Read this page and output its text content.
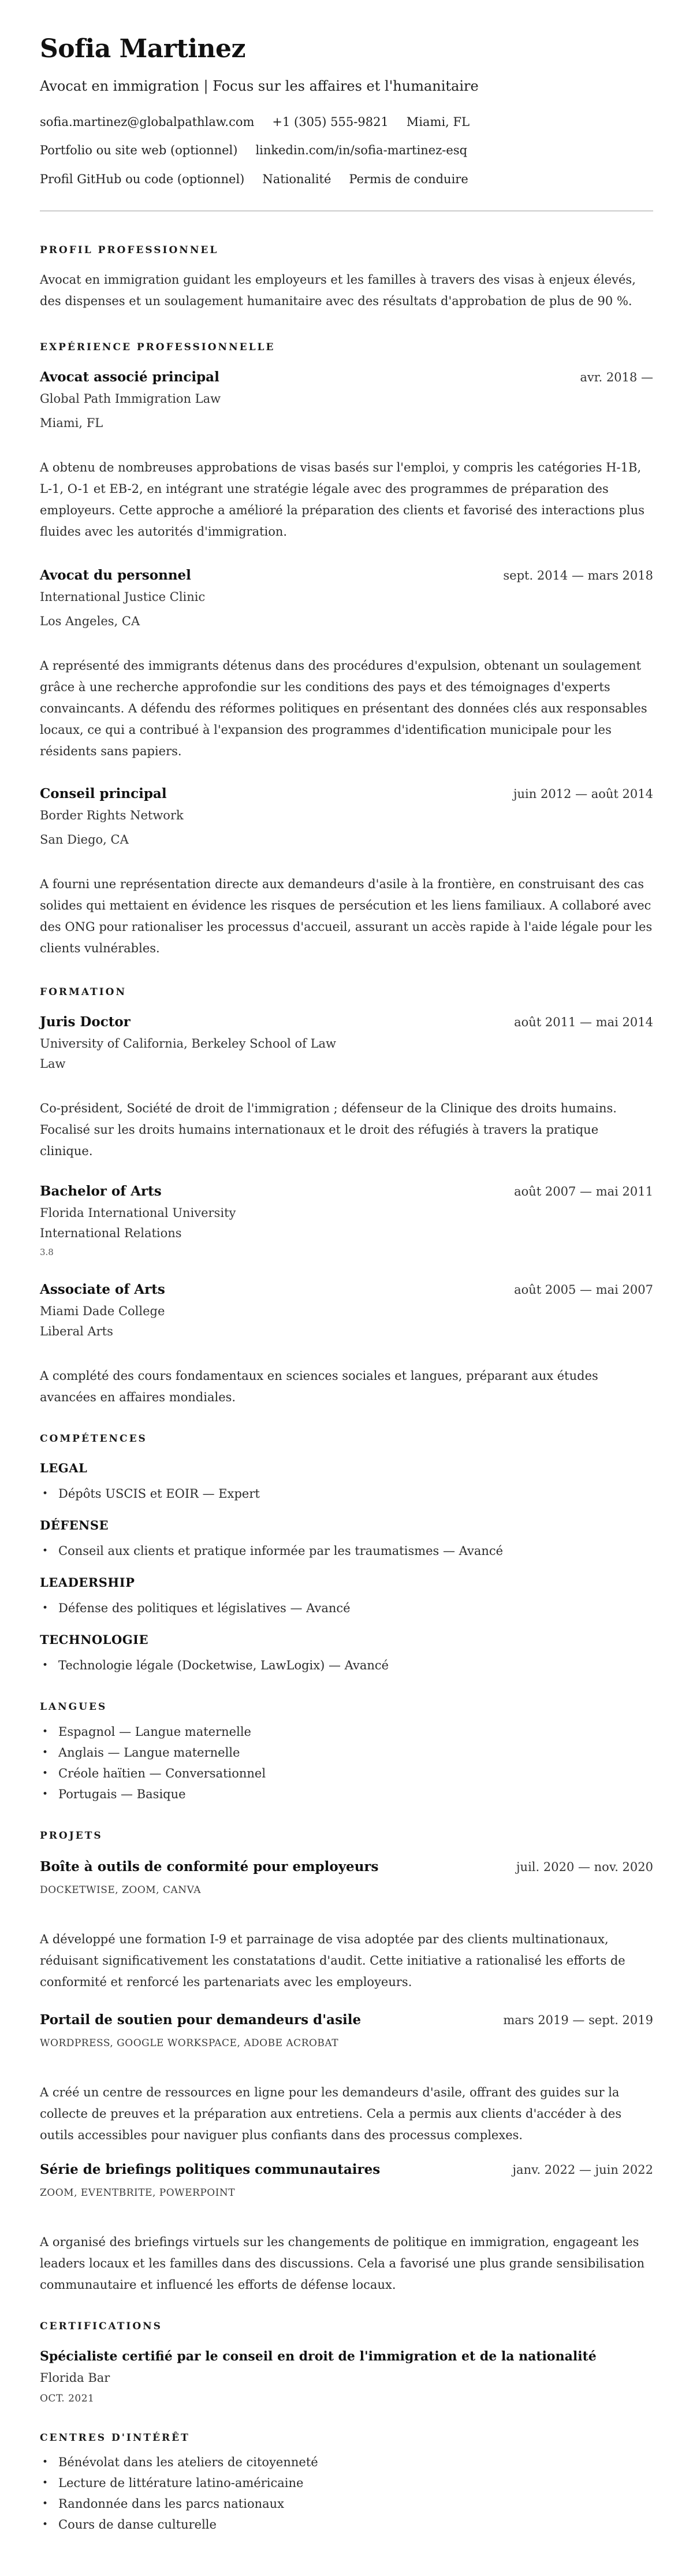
Sofia Martinez
Avocat en immigration | Focus sur les affaires et l'humanitaire
sofia.martinez@globalpathlaw.com +1 (305) 555-9821 Miami, FL
Portfolio ou site web (optionnel) linkedin.com/in/sofia-martinez-esq
Profil GitHub ou code (optionnel) Nationalité Permis de conduire
PROFIL PROFESSIONNEL

Avocat en immigration guidant les employeurs et les familles à travers des visas à enjeux élevés, des dispenses et un soulagement humanitaire avec des résultats d'approbation de plus de 90 %.

EXPÉRIENCE PROFESSIONNELLE
Avocat associé principal	avr. 2018 —
Global Path Immigration Law
Miami, FL

A obtenu de nombreuses approbations de visas basés sur l'emploi, y compris les catégories H-1B, L-1, O-1 et EB-2, en intégrant une stratégie légale avec des programmes de préparation des employeurs. Cette approche a amélioré la préparation des clients et favorisé des interactions plus fluides avec les autorités d'immigration.

Avocat du personnel	sept. 2014 — mars 2018
International Justice Clinic
Los Angeles, CA

A représenté des immigrants détenus dans des procédures d'expulsion, obtenant un soulagement grâce à une recherche approfondie sur les conditions des pays et des témoignages d'experts convaincants. A défendu des réformes politiques en présentant des données clés aux responsables locaux, ce qui a contribué à l'expansion des programmes d'identification municipale pour les résidents sans papiers.

Conseil principal	juin 2012 — août 2014
Border Rights Network
San Diego, CA

A fourni une représentation directe aux demandeurs d'asile à la frontière, en construisant des cas solides qui mettaient en évidence les risques de persécution et les liens familiaux. A collaboré avec des ONG pour rationaliser les processus d'accueil, assurant un accès rapide à l'aide légale pour les clients vulnérables.

FORMATION
Juris Doctor	août 2011 — mai 2014
University of California, Berkeley School of Law
Law

Co-président, Société de droit de l'immigration ; défenseur de la Clinique des droits humains. Focalisé sur les droits humains internationaux et le droit des réfugiés à travers la pratique clinique.

Bachelor of Arts	août 2007 — mai 2011
Florida International University
International Relations
3.8
Associate of Arts	août 2005 — mai 2007
Miami Dade College
Liberal Arts

A complété des cours fondamentaux en sciences sociales et langues, préparant aux études avancées en affaires mondiales.

COMPÉTENCES
LEGAL
• Dépôts USCIS et EOIR — Expert
DÉFENSE
• Conseil aux clients et pratique informée par les traumatismes — Avancé
LEADERSHIP
• Défense des politiques et législatives — Avancé
TECHNOLOGIE
• Technologie légale (Docketwise, LawLogix) — Avancé
LANGUES
• Espagnol — Langue maternelle
• Anglais — Langue maternelle
• Créole haïtien — Conversationnel
• Portugais — Basique
PROJETS
Boîte à outils de conformité pour employeurs	juil. 2020 — nov. 2020
DOCKETWISE, ZOOM, CANVA

A développé une formation I-9 et parrainage de visa adoptée par des clients multinationaux, réduisant significativement les constatations d'audit. Cette initiative a rationalisé les efforts de conformité et renforcé les partenariats avec les employeurs.

Portail de soutien pour demandeurs d'asile	mars 2019 — sept. 2019
WORDPRESS, GOOGLE WORKSPACE, ADOBE ACROBAT

A créé un centre de ressources en ligne pour les demandeurs d'asile, offrant des guides sur la collecte de preuves et la préparation aux entretiens. Cela a permis aux clients d'accéder à des outils accessibles pour naviguer plus confiants dans des processus complexes.

Série de briefings politiques communautaires	janv. 2022 — juin 2022
ZOOM, EVENTBRITE, POWERPOINT

A organisé des briefings virtuels sur les changements de politique en immigration, engageant les leaders locaux et les familles dans des discussions. Cela a favorisé une plus grande sensibilisation communautaire et influencé les efforts de défense locaux.

CERTIFICATIONS
Spécialiste certifié par le conseil en droit de l'immigration et de la nationalité
Florida Bar
OCT. 2021
CENTRES D'INTÉRÊT
• Bénévolat dans les ateliers de citoyenneté
• Lecture de littérature latino-américaine
• Randonnée dans les parcs nationaux
• Cours de danse culturelle
